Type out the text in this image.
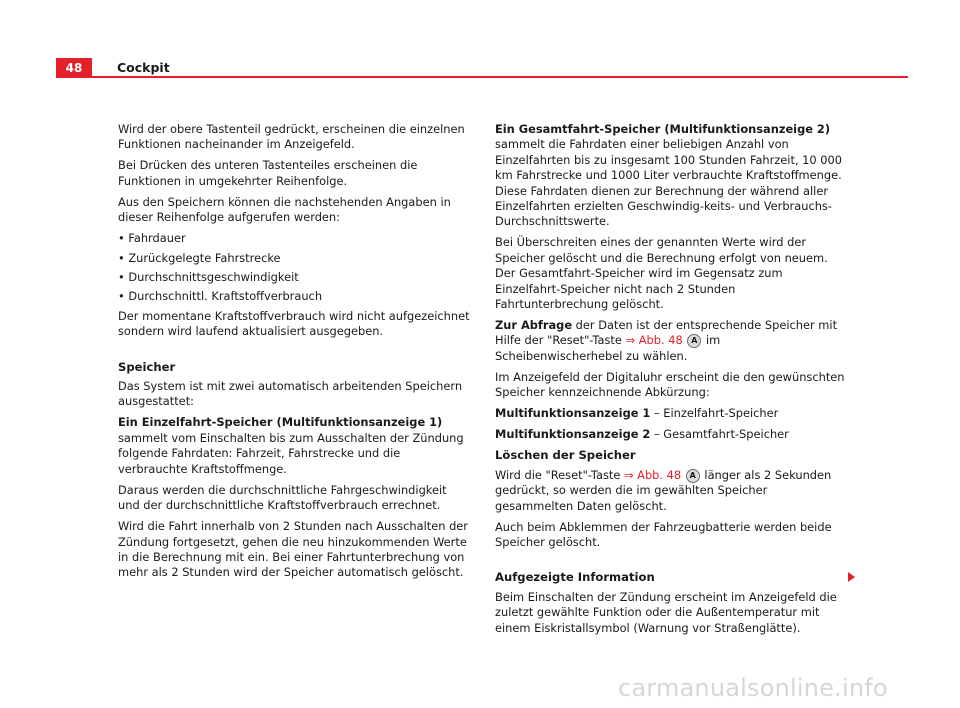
48	Cockpit

Wird der obere Tastenteil gedrückt, erscheinen die einzelnen Funktionen nacheinander im Anzeigefeld.

Bei Drücken des unteren Tastenteiles erscheinen die Funktionen in umgekehrter Reihenfolge.

Aus den Speichern können die nachstehenden Angaben in dieser Reihenfolge aufgerufen werden:

• Fahrdauer

• Zurückgelegte Fahrstrecke

• Durchschnittsgeschwindigkeit

• Durchschnittl. Kraftstoffverbrauch

Der momentane Kraftstoffverbrauch wird nicht aufgezeichnet sondern wird laufend aktualisiert ausgegeben.

Speicher

Das System ist mit zwei automatisch arbeitenden Speichern ausgestattet:

Ein Einzelfahrt-Speicher (Multifunktionsanzeige 1) sammelt vom Einschalten bis zum Ausschalten der Zündung folgende Fahrdaten: Fahrzeit, Fahrstrecke und die verbrauchte Kraftstoffmenge.

Daraus werden die durchschnittliche Fahrgeschwindigkeit und der durchschnittliche Kraftstoffverbrauch errechnet.

Wird die Fahrt innerhalb von 2 Stunden nach Ausschalten der Zündung fortgesetzt, gehen die neu hinzukommenden Werte in die Berechnung mit ein. Bei einer Fahrtunterbrechung von mehr als 2 Stunden wird der Speicher automatisch gelöscht.

Ein Gesamtfahrt-Speicher (Multifunktionsanzeige 2) sammelt die Fahrdaten einer beliebigen Anzahl von Einzelfahrten bis zu insgesamt 100 Stunden Fahrzeit, 10 000 km Fahrstrecke und 1000 Liter verbrauchte Kraftstoffmenge. Diese Fahrdaten dienen zur Berechnung der während aller Einzelfahrten erzielten Geschwindig-keits- und Verbrauchs-Durchschnittswerte.

Bei Überschreiten eines der genannten Werte wird der Speicher gelöscht und die Berechnung erfolgt von neuem. Der Gesamtfahrt-Speicher wird im Gegensatz zum Einzelfahrt-Speicher nicht nach 2 Stunden Fahrtunterbrechung gelöscht.

Zur Abfrage der Daten ist der entsprechende Speicher mit Hilfe der "Reset"-Taste ⇒ Abb. 48 A im Scheibenwischerhebel zu wählen.

Im Anzeigefeld der Digitaluhr erscheint die den gewünschten Speicher kennzeichnende Abkürzung:

Multifunktionsanzeige 1 – Einzelfahrt-Speicher

Multifunktionsanzeige 2 – Gesamtfahrt-Speicher

Löschen der Speicher

Wird die "Reset"-Taste ⇒ Abb. 48 A länger als 2 Sekunden gedrückt, so werden die im gewählten Speicher gesammelten Daten gelöscht.

Auch beim Abklemmen der Fahrzeugbatterie werden beide Speicher gelöscht.

Aufgezeigte Information

Beim Einschalten der Zündung erscheint im Anzeigefeld die zuletzt gewählte Funktion oder die Außentemperatur mit einem Eiskristallsymbol (Warnung vor Straßenglätte).

carmanualsonline.info
